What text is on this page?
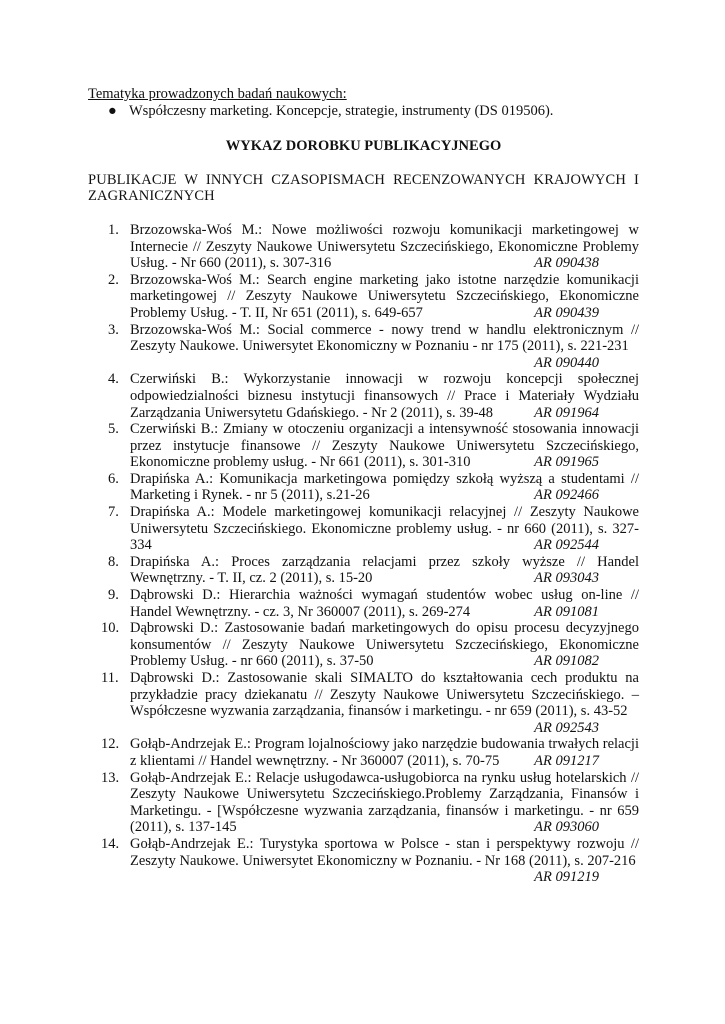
Tematyka prowadzonych badań naukowych:

● Współczesny marketing. Koncepcje, strategie, instrumenty (DS 019506).

WYKAZ DOROBKU PUBLIKACYJNEGO

PUBLIKACJE W INNYCH CZASOPISMACH RECENZOWANYCH KRAJOWYCH I ZAGRANICZNYCH

1. Brzozowska-Woś M.: Nowe możliwości rozwoju komunikacji marketingowej w Internecie // Zeszyty Naukowe Uniwersytetu Szczecińskiego, Ekonomiczne Problemy Usług. - Nr 660 (2011), s. 307-316	AR 090438
2. Brzozowska-Woś M.: Search engine marketing jako istotne narzędzie komunikacji marketingowej // Zeszyty Naukowe Uniwersytetu Szczecińskiego, Ekonomiczne Problemy Usług. - T. II, Nr 651 (2011), s. 649-657	AR 090439
3. Brzozowska-Woś M.: Social commerce - nowy trend w handlu elektronicznym // Zeszyty Naukowe. Uniwersytet Ekonomiczny w Poznaniu - nr 175 (2011), s. 221-231
AR 090440
4. Czerwiński B.: Wykorzystanie innowacji w rozwoju koncepcji społecznej odpowiedzialności biznesu instytucji finansowych // Prace i Materiały Wydziału Zarządzania Uniwersytetu Gdańskiego. - Nr 2 (2011), s. 39-48	AR 091964
5. Czerwiński B.: Zmiany w otoczeniu organizacji a intensywność stosowania innowacji przez instytucje finansowe // Zeszyty Naukowe Uniwersytetu Szczecińskiego, Ekonomiczne problemy usług. - Nr 661 (2011), s. 301-310	AR 091965
6. Drapińska A.: Komunikacja marketingowa pomiędzy szkołą wyższą a studentami // Marketing i Rynek. - nr 5 (2011), s.21-26	AR 092466
7. Drapińska A.: Modele marketingowej komunikacji relacyjnej // Zeszyty Naukowe Uniwersytetu Szczecińskiego. Ekonomiczne problemy usług. - nr 660 (2011), s. 327-334	AR 092544
8. Drapińska A.: Proces zarządzania relacjami przez szkoły wyższe // Handel Wewnętrzny. - T. II, cz. 2 (2011), s. 15-20	AR 093043
9. Dąbrowski D.: Hierarchia ważności wymagań studentów wobec usług on-line // Handel Wewnętrzny. - cz. 3, Nr 360007 (2011), s. 269-274	AR 091081
10. Dąbrowski D.: Zastosowanie badań marketingowych do opisu procesu decyzyjnego konsumentów // Zeszyty Naukowe Uniwersytetu Szczecińskiego, Ekonomiczne Problemy Usług. - nr 660 (2011), s. 37-50	AR 091082
11. Dąbrowski D.: Zastosowanie skali SIMALTO do kształtowania cech produktu na przykładzie pracy dziekanatu // Zeszyty Naukowe Uniwersytetu Szczecińskiego. – Współczesne wyzwania zarządzania, finansów i marketingu. - nr 659 (2011), s. 43-52
AR 092543
12. Gołąb-Andrzejak E.: Program lojalnościowy jako narzędzie budowania trwałych relacji z klientami // Handel wewnętrzny. - Nr 360007 (2011), s. 70-75	AR 091217
13. Gołąb-Andrzejak E.: Relacje usługodawca-usługobiorca na rynku usług hotelarskich // Zeszyty Naukowe Uniwersytetu Szczecińskiego.Problemy Zarządzania, Finansów i Marketingu. - [Współczesne wyzwania zarządzania, finansów i marketingu. - nr 659 (2011), s. 137-145	AR 093060
14. Gołąb-Andrzejak E.: Turystyka sportowa w Polsce - stan i perspektywy rozwoju // Zeszyty Naukowe. Uniwersytet Ekonomiczny w Poznaniu. - Nr 168 (2011), s. 207-216
AR 091219
